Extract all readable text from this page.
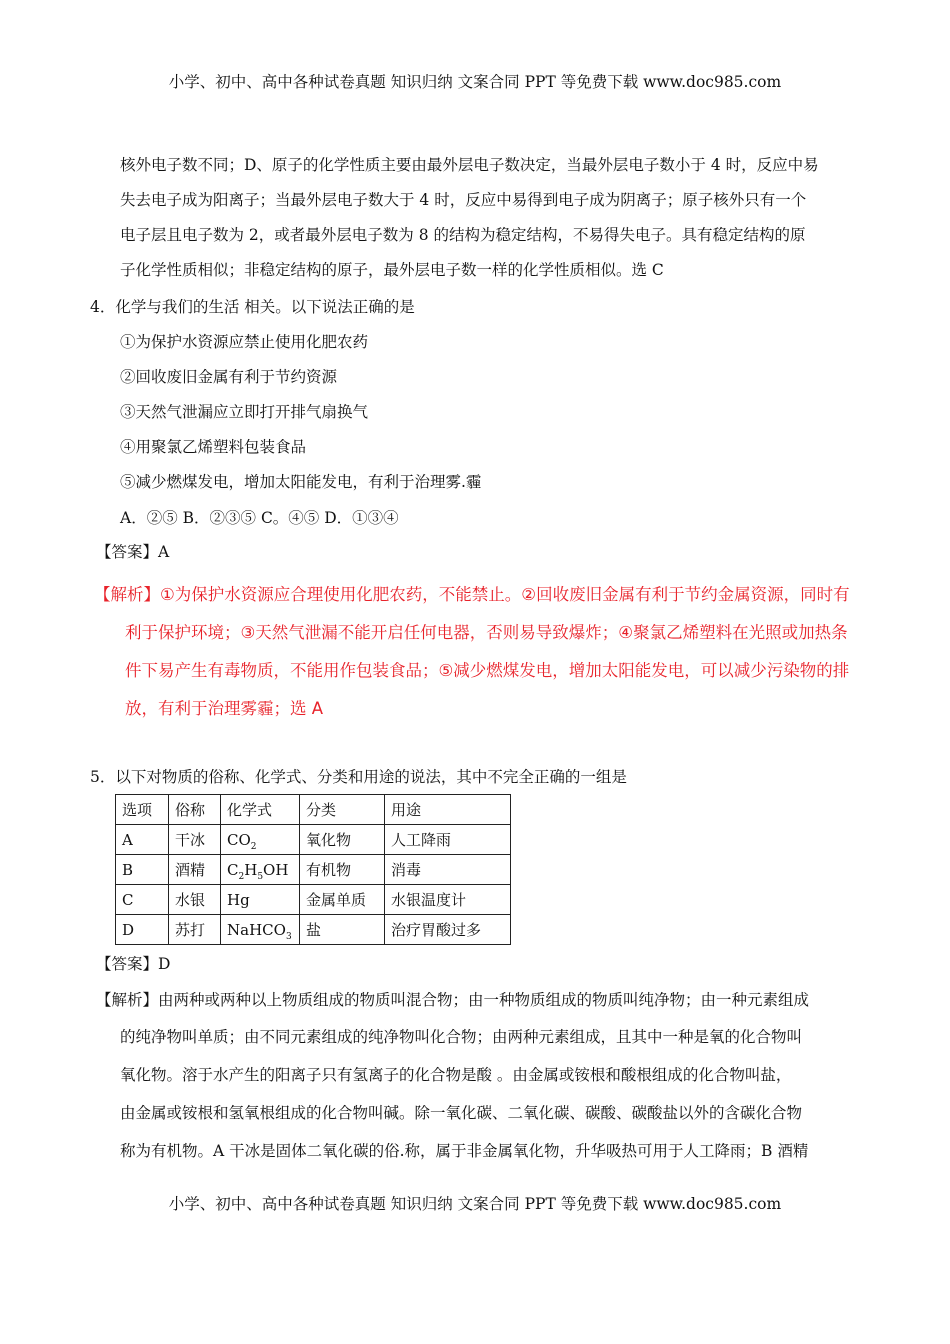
小学、初中、高中各种试卷真题 知识归纳 文案合同 PPT 等免费下载 www.doc985.com
核外电子数不同；D、原子的化学性质主要由最外层电子数决定，当最外层电子数小于 4 时，反应中易
失去电子成为阳离子；当最外层电子数大于 4 时，反应中易得到电子成为阴离子；原子核外只有一个
电子层且电子数为 2，或者最外层电子数为 8 的结构为稳定结构，不易得失电子。具有稳定结构的原
子化学性质相似；非稳定结构的原子，最外层电子数一样的化学性质相似。选 C
4．化学与我们的生活 相关。以下说法正确的是
①为保护水资源应禁止使用化肥农药
②回收废旧金属有利于节约资源
③天然气泄漏应立即打开排气扇换气
④用聚氯乙烯塑料包装食品
⑤减少燃煤发电，增加太阳能发电，有利于治理雾.霾
A．②⑤ B．②③⑤ C。④⑤ D．①③④
【答案】A
【解析】①为保护水资源应合理使用化肥农药，不能禁止。②回收废旧金属有利于节约金属资源，同时有
利于保护环境；③天然气泄漏不能开启任何电器，否则易导致爆炸；④聚氯乙烯塑料在光照或加热条
件下易产生有毒物质，不能用作包装食品；⑤减少燃煤发电，增加太阳能发电，可以减少污染物的排
放，有利于治理雾霾；选 A
5．以下对物质的俗称、化学式、分类和用途的说法，其中不完全正确的一组是
选项	俗称	化学式	分类	用途
A	干冰	$CO_2$	氧化物	人工降雨
B	酒精	$C_2H_5OH$	有机物	消毒
C	水银	Hg	金属单质	水银温度计
D	苏打	NaHCO$_3$	盐	治疗胃酸过多
【答案】D
【解析】由两种或两种以上物质组成的物质叫混合物；由一种物质组成的物质叫纯净物；由一种元素组成
的纯净物叫单质；由不同元素组成的纯净物叫化合物；由两种元素组成，且其中一种是氧的化合物叫
氧化物。溶于水产生的阳离子只有氢离子的化合物是酸 。由金属或铵根和酸根组成的化合物叫盐，
由金属或铵根和氢氧根组成的化合物叫碱。除一氧化碳、二氧化碳、碳酸、碳酸盐以外的含碳化合物
称为有机物。A 干冰是固体二氧化碳的俗.称，属于非金属氧化物，升华吸热可用于人工降雨；B 酒精
小学、初中、高中各种试卷真题 知识归纳 文案合同 PPT 等免费下载 www.doc985.com
